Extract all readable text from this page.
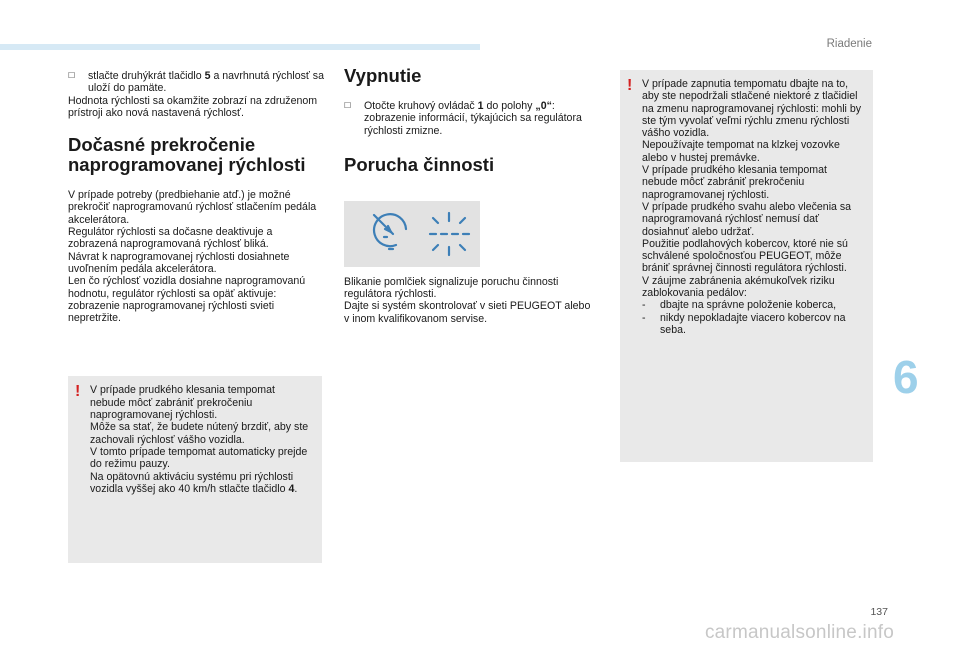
Riadenie

☐ stlačte druhýkrát tlačidlo 5 a navrhnutá rýchlosť sa uloží do pamäte.

Hodnota rýchlosti sa okamžite zobrazí na združenom prístroji ako nová nastavená rýchlosť.

Dočasné prekročenie naprogramovanej rýchlosti

V prípade potreby (predbiehanie atď.) je možné prekročiť naprogramovanú rýchlosť stlačením pedála akcelerátora.

Regulátor rýchlosti sa dočasne deaktivuje a zobrazená naprogramovaná rýchlosť bliká.

Návrat k naprogramovanej rýchlosti dosiahnete uvoľnením pedála akcelerátora.

Len čo rýchlosť vozidla dosiahne naprogramovanú hodnotu, regulátor rýchlosti sa opäť aktivuje: zobrazenie naprogramovanej rýchlosti svieti nepretržite.

! V prípade prudkého klesania tempomat nebude môcť zabrániť prekročeniu naprogramovanej rýchlosti.

Môže sa stať, že budete nútený brzdiť, aby ste zachovali rýchlosť vášho vozidla.

V tomto prípade tempomat automaticky prejde do režimu pauzy.

Na opätovnú aktiváciu systému pri rýchlosti vozidla vyššej ako 40 km/h stlačte tlačidlo 4.

Vypnutie

☐ Otočte kruhový ovládač 1 do polohy „0“: zobrazenie informácií, týkajúcich sa regulátora rýchlosti zmizne.

Porucha činnosti

Blikanie pomlčiek signalizuje poruchu činnosti regulátora rýchlosti.

Dajte si systém skontrolovať v sieti PEUGEOT alebo v inom kvalifikovanom servise.

! V prípade zapnutia tempomatu dbajte na to, aby ste nepodržali stlačené niektoré z tlačidiel na zmenu naprogramovanej rýchlosti: mohli by ste tým vyvolať veľmi rýchlu zmenu rýchlosti vášho vozidla.

Nepoužívajte tempomat na klzkej vozovke alebo v hustej premávke.

V prípade prudkého klesania tempomat nebude môcť zabrániť prekročeniu naprogramovanej rýchlosti.

V prípade prudkého svahu alebo vlečenia sa naprogramovaná rýchlosť nemusí dať dosiahnuť alebo udržať.

Použitie podlahových kobercov, ktoré nie sú schválené spoločnosťou PEUGEOT, môže brániť správnej činnosti regulátora rýchlosti.

V záujme zabránenia akémukoľvek riziku zablokovania pedálov:

- dbajte na správne položenie koberca,

- nikdy nepokladajte viacero kobercov na seba.

6
137
carmanualsonline.info
